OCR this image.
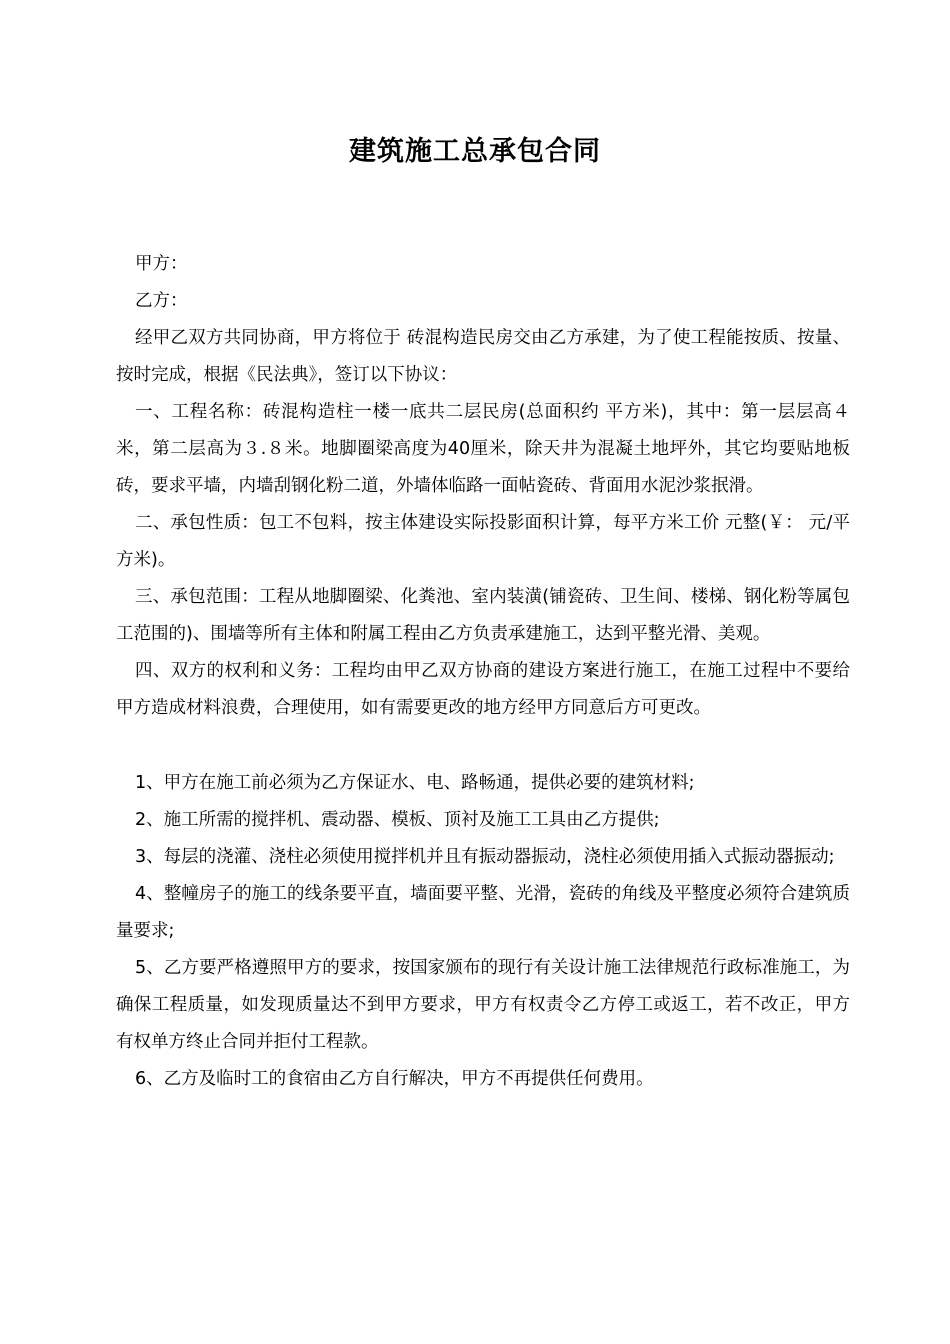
建筑施工总承包合同

甲方：

乙方：

经甲乙双方共同协商，甲方将位于 砖混构造民房交由乙方承建，为了使工程能按质、按量、按时完成，根据《民法典》，签订以下协议：

一、工程名称：砖混构造柱一楼一底共二层民房(总面积约 平方米)，其中：第一层层高４米，第二层高为３.８米。地脚圈梁高度为40厘米，除天井为混凝土地坪外，其它均要贴地板砖，要求平墙，内墙刮钢化粉二道，外墙体临路一面帖瓷砖、背面用水泥沙浆抿滑。

二、承包性质：包工不包料，按主体建设实际投影面积计算，每平方米工价 元整(￥： 元/平方米)。

三、承包范围：工程从地脚圈梁、化粪池、室内装潢(铺瓷砖、卫生间、楼梯、钢化粉等属包工范围的)、围墙等所有主体和附属工程由乙方负责承建施工，达到平整光滑、美观。

四、双方的权利和义务：工程均由甲乙双方协商的建设方案进行施工，在施工过程中不要给甲方造成材料浪费，合理使用，如有需要更改的地方经甲方同意后方可更改。

1、甲方在施工前必须为乙方保证水、电、路畅通，提供必要的建筑材料;

2、施工所需的搅拌机、震动器、模板、顶衬及施工工具由乙方提供;

3、每层的浇灌、浇柱必须使用搅拌机并且有振动器振动，浇柱必须使用插入式振动器振动;

4、整幢房子的施工的线条要平直，墙面要平整、光滑，瓷砖的角线及平整度必须符合建筑质量要求;

5、乙方要严格遵照甲方的要求，按国家颁布的现行有关设计施工法律规范行政标准施工，为确保工程质量，如发现质量达不到甲方要求，甲方有权责令乙方停工或返工，若不改正，甲方有权单方终止合同并拒付工程款。

6、乙方及临时工的食宿由乙方自行解决，甲方不再提供任何费用。
